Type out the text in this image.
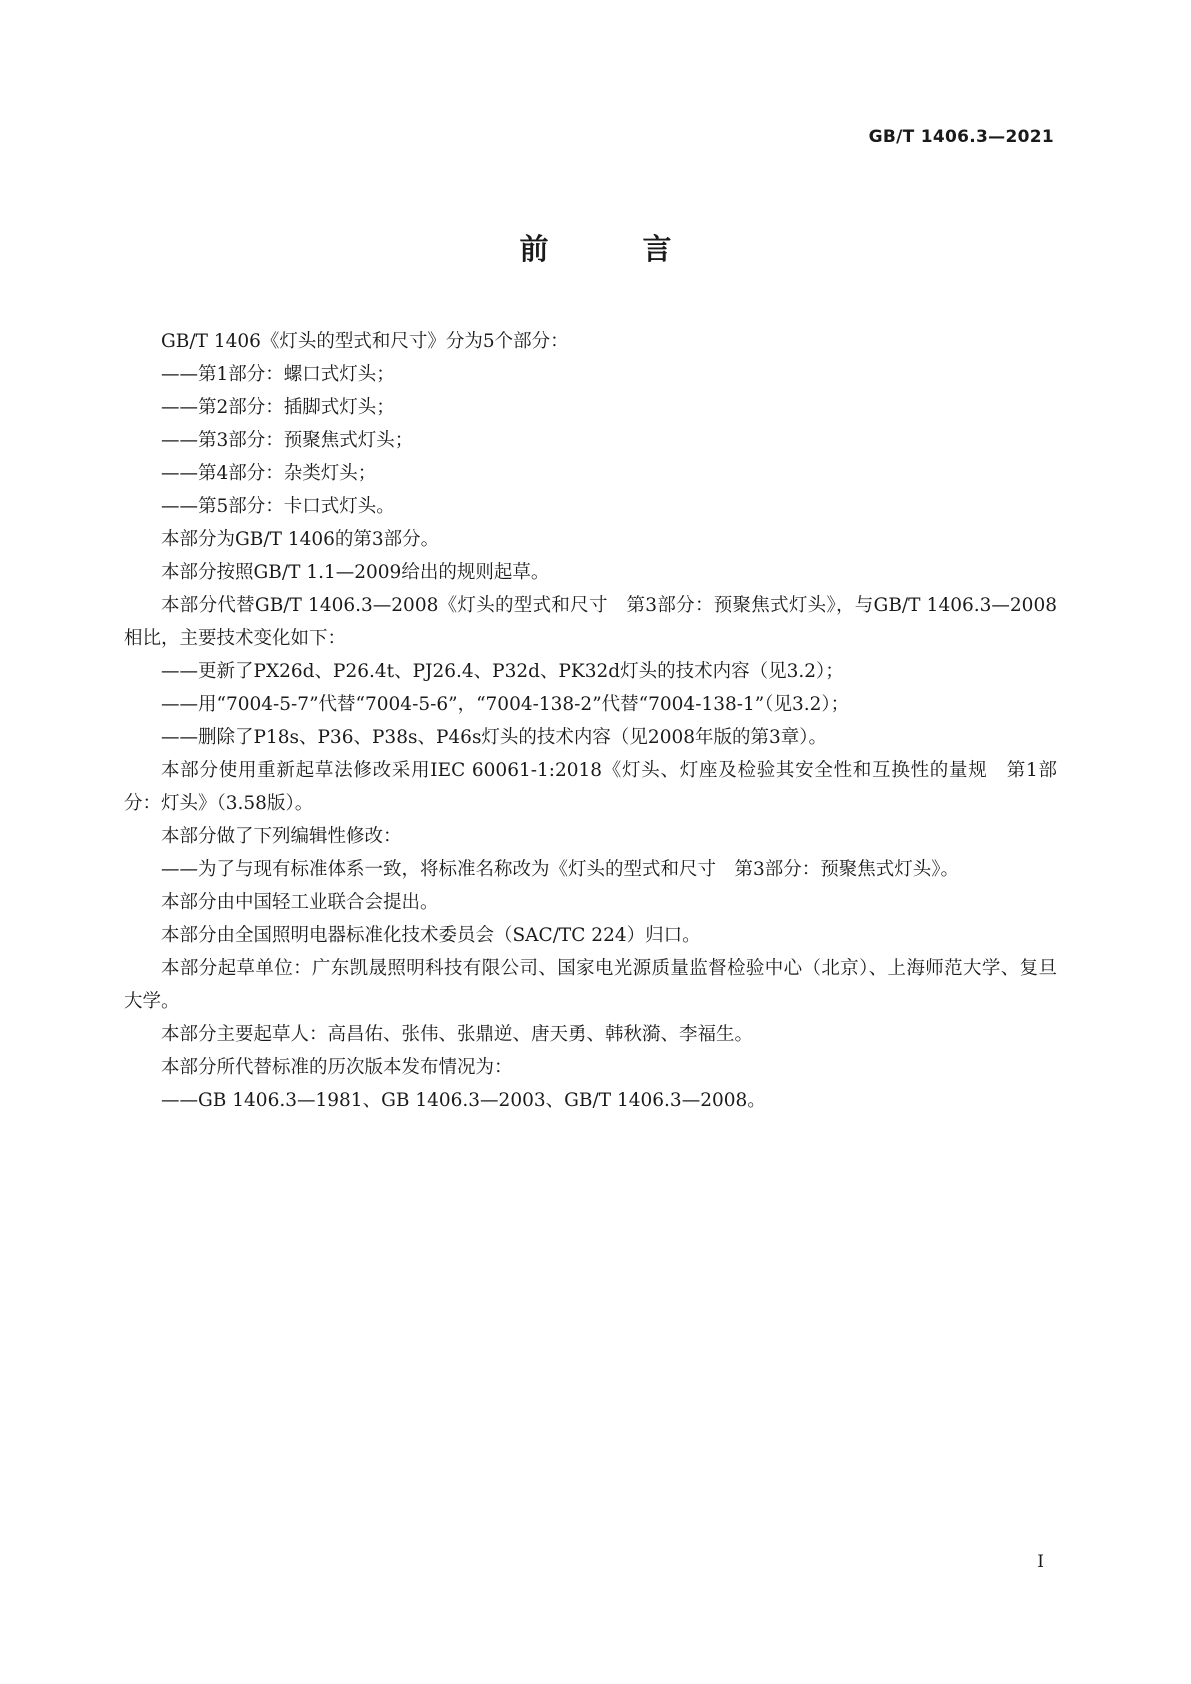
GB/T 1406.3—2021
前 言

GB/T 1406《灯头的型式和尺寸》分为5个部分：

——第1部分：螺口式灯头；

——第2部分：插脚式灯头；

——第3部分：预聚焦式灯头；

——第4部分：杂类灯头；

——第5部分：卡口式灯头。

本部分为GB/T 1406的第3部分。

本部分按照GB/T 1.1—2009给出的规则起草。

本部分代替GB/T 1406.3—2008《灯头的型式和尺寸　第3部分：预聚焦式灯头》，与GB/T 1406.3—2008相比，主要技术变化如下：

——更新了PX26d、P26.4t、PJ26.4、P32d、PK32d灯头的技术内容（见3.2）；

——用“7004-5-7”代替“7004-5-6”，“7004-138-2”代替“7004-138-1”（见3.2）；

——删除了P18s、P36、P38s、P46s灯头的技术内容（见2008年版的第3章）。

本部分使用重新起草法修改采用IEC 60061-1:2018《灯头、灯座及检验其安全性和互换性的量规　第1部分：灯头》（3.58版）。

本部分做了下列编辑性修改：

——为了与现有标准体系一致，将标准名称改为《灯头的型式和尺寸　第3部分：预聚焦式灯头》。

本部分由中国轻工业联合会提出。

本部分由全国照明电器标准化技术委员会（SAC/TC 224）归口。

本部分起草单位：广东凯晟照明科技有限公司、国家电光源质量监督检验中心（北京）、上海师范大学、复旦大学。

本部分主要起草人：高昌佑、张伟、张鼎逆、唐天勇、韩秋漪、李福生。

本部分所代替标准的历次版本发布情况为：

——GB 1406.3—1981、GB 1406.3—2003、GB/T 1406.3—2008。

I
